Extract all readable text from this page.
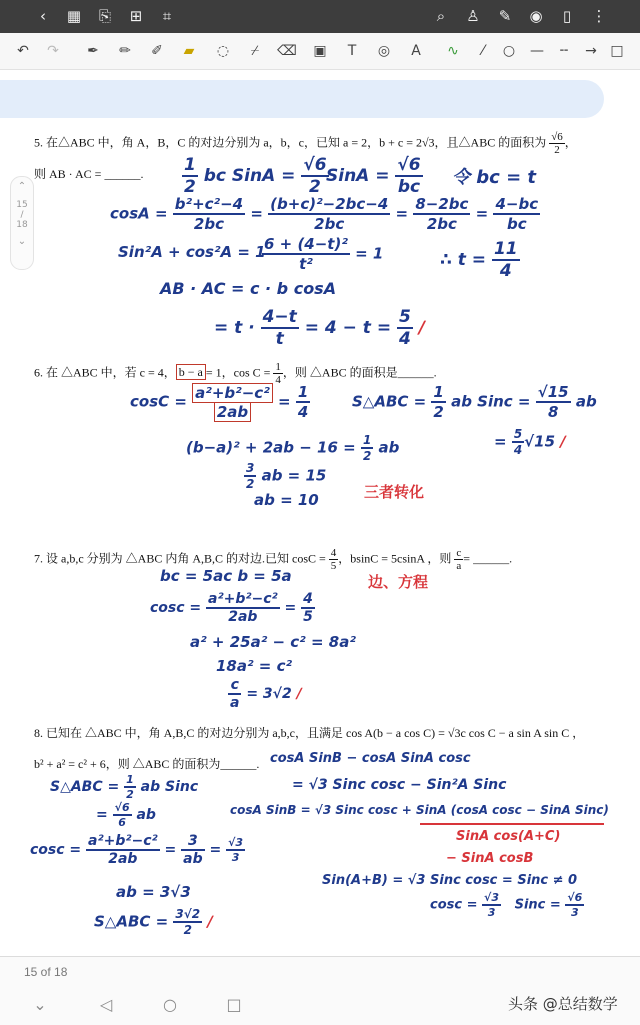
‹	▦	⎘	⊞	⌗	⌕	♙	✎	◉	▯	⋮
↶	↷	✒	✏	✐	▰	◌	⌿	⌫	▣	T	◎	A	∿	⁄	○	—	╌	→ □
⌃
15
/
18
⌄
5. 在△ABC 中，角 A，B，C 的对边分别为 a，b，c，已知 a = 2，b + c = 2√3，且△ABC 的面积为 $\frac{√6}{2}$ ，
则 AB · AC = ______. $\frac{1}{2}$ bc SinA = $\frac{√6}{2}$
SinA = $\frac{√6}{bc}$ 令 bc = t
$\cos A = \frac{\text{b²+c²−4}}{2bc} = \frac{\text{(b+c)²−2bc−4}}{2bc} = \frac{8-2bc}{2bc} = \frac{4-bc}{bc}$
Sin²A + cos²A = 1
$\frac{\text{6 + (4−t)²}}{\text{t²}} = 1$	∴ $t = \frac{11}{4}$
AB · AC = c · b cosA
= $t \cdot \frac{4-t}{t} = 4 - t = \frac{5}{4}$ ∕
6. 在 △ABC 中，若 c = 4， b − a = 1，$\cos C = \frac{1}{4}$ ，则 △ABC 的面积是______.
$\cos C = \frac{\text{a²+b²−c²}}{2ab} = \frac{1}{4}$	S△ABC = $\frac{1}{2}$ ab Sinc = $\frac{√15}{8}$ ab
$(b-a)^2 + 2ab - 16 = \frac{1}{2}$ ab	= $\frac{5}{4} √15$ ∕
$\frac{3}{2}$ ab = 15
ab = 10	三者转化
7. 设 a,b,c 分别为 △ABC 内角 A,B,C 的对边.已知 $\cos C = \frac{4}{5}$ ，bsinC = 5csinA ，则 $\frac{c}{a}$ = ______.
bc = 5ac b = 5a	边、方程
$\cos c = \frac{\text{a²+b²−c²}}{2ab} = \frac{4}{5}$
a² + 25a² − c² = 8a²
18a² = c²
$\frac{c}{a} = 3√2$ ∕
8. 已知在 △ABC 中，角 A,B,C 的对边分别为 a,b,c，且满足 cos A(b − a cos C) = √3c cos C − a sin A sin C ，
b² + a² = c² + 6，则 △ABC 的面积为______. cosA SinB − cosA SinA cosc
= √3 Sinc cosc − Sin²A Sinc
cosA SinB = √3 Sinc cosc + SinA (cosA cosc − SinA Sinc)
SinA cos(A+C)
− SinA cosB
Sin(A+B) = √3 Sinc cosc = Sinc ≠ 0
$\cos c = \frac{√3}{3}$ Sinc = $\frac{√6}{3}$
S△ABC = $\frac{1}{2}$ ab Sinc
= $\frac{√6}{6}$ ab
$\cos c = \frac{\text{a²+b²−c²}}{2ab} = \frac{3}{ab} = \frac{√3}{3}$
ab = 3√3
S△ABC = $\frac{3√2}{2}$ ∕
15 of 18
⌄	◁	○	□	头条 @总结数学
